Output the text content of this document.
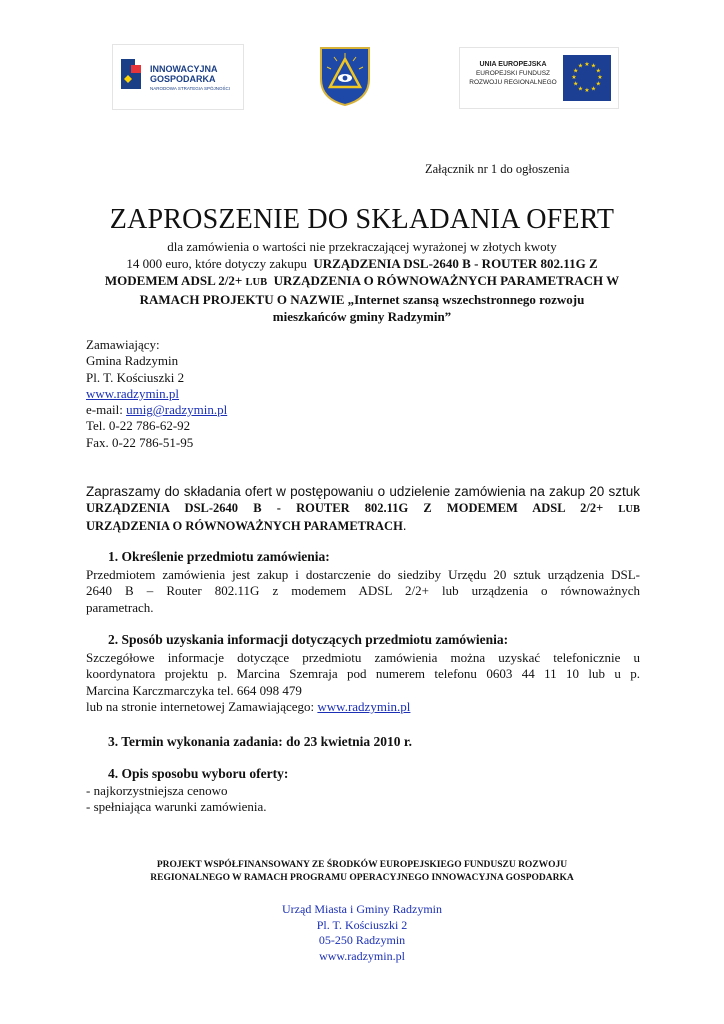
INNOWACYJNA
GOSPODARKA
NARODOWA STRATEGIA SPÓJNOŚCI
UNIA EUROPEJSKA
EUROPEJSKI FUNDUSZ
ROZWOJU REGIONALNEGO
★ ★
★
★
★
★
★
★
★
★
★
★
Załącznik nr 1 do ogłoszenia
ZAPROSZENIE DO SKŁADANIA OFERT
dla zamówienia o wartości nie przekraczającej wyrażonej w złotych kwoty
14 000 euro, które dotyczy zakupu URZĄDZENIA DSL-2640 B - ROUTER 802.11G Z
MODEMEM ADSL 2/2+ LUB URZĄDZENIA O RÓWNOWAŻNYCH PARAMETRACH W
RAMACH PROJEKTU O NAZWIE „Internet szansą wszechstronnego rozwoju
mieszkańców gminy Radzymin”
Zamawiający:
Gmina Radzymin
Pl. T. Kościuszki 2
www.radzymin.pl
e-mail: umig@radzymin.pl
Tel. 0-22 786-62-92
Fax. 0-22 786-51-95
Zapraszamy do składania ofert w postępowaniu o udzielenie zamówienia na zakup 20 sztuk
URZĄDZENIA DSL-2640 B - ROUTER 802.11G Z MODEMEM ADSL 2/2+ LUB
URZĄDZENIA O RÓWNOWAŻNYCH PARAMETRACH.
1. Określenie przedmiotu zamówienia:
Przedmiotem zamówienia jest zakup i dostarczenie do siedziby Urzędu 20 sztuk urządzenia DSL-
2640 B – Router 802.11G z modemem ADSL 2/2+ lub urządzenia o równoważnych
parametrach.
2. Sposób uzyskania informacji dotyczących przedmiotu zamówienia:
Szczegółowe informacje dotyczące przedmiotu zamówienia można uzyskać telefonicznie u
koordynatora projektu p. Marcina Szemraja pod numerem telefonu 0603 44 11 10 lub u p.
Marcina Karczmarczyka tel. 664 098 479
lub na stronie internetowej Zamawiającego: www.radzymin.pl
3. Termin wykonania zadania: do 23 kwietnia 2010 r.
4. Opis sposobu wyboru oferty:
- najkorzystniejsza cenowo
- spełniająca warunki zamówienia.
PROJEKT WSPÓŁFINANSOWANY ZE ŚRODKÓW EUROPEJSKIEGO FUNDUSZU ROZWOJU
REGIONALNEGO W RAMACH PROGRAMU OPERACYJNEGO INNOWACYJNA GOSPODARKA
Urząd Miasta i Gminy Radzymin
Pl. T. Kościuszki 2
05-250 Radzymin
www.radzymin.pl
